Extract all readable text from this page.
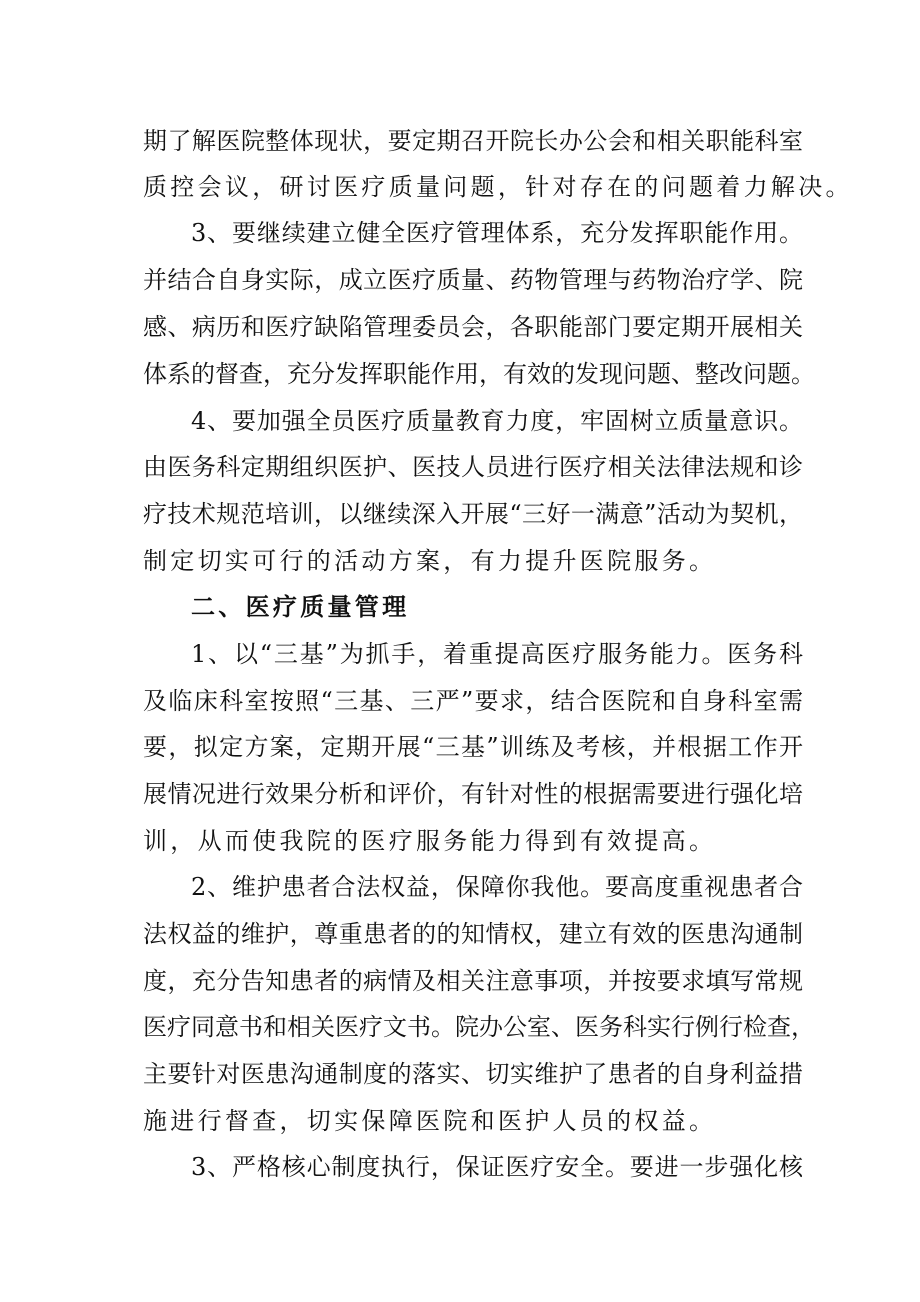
期了解医院整体现状，要定期召开院长办公会和相关职能科室
质控会议，研讨医疗质量问题，针对存在的问题着力解决。
3、要继续建立健全医疗管理体系，充分发挥职能作用。
并结合自身实际，成立医疗质量、药物管理与药物治疗学、院
感、病历和医疗缺陷管理委员会，各职能部门要定期开展相关
体系的督查，充分发挥职能作用，有效的发现问题、整改问题。
4、要加强全员医疗质量教育力度，牢固树立质量意识。
由医务科定期组织医护、医技人员进行医疗相关法律法规和诊
疗技术规范培训，以继续深入开展“三好一满意”活动为契机，
制定切实可行的活动方案，有力提升医院服务。
二、医疗质量管理
1、以“三基”为抓手，着重提高医疗服务能力。医务科
及临床科室按照“三基、三严”要求，结合医院和自身科室需
要，拟定方案，定期开展“三基”训练及考核，并根据工作开
展情况进行效果分析和评价，有针对性的根据需要进行强化培
训，从而使我院的医疗服务能力得到有效提高。
2、维护患者合法权益，保障你我他。要高度重视患者合
法权益的维护，尊重患者的的知情权，建立有效的医患沟通制
度，充分告知患者的病情及相关注意事项，并按要求填写常规
医疗同意书和相关医疗文书。院办公室、医务科实行例行检查，
主要针对医患沟通制度的落实、切实维护了患者的自身利益措
施进行督查，切实保障医院和医护人员的权益。
3、严格核心制度执行，保证医疗安全。要进一步强化核
